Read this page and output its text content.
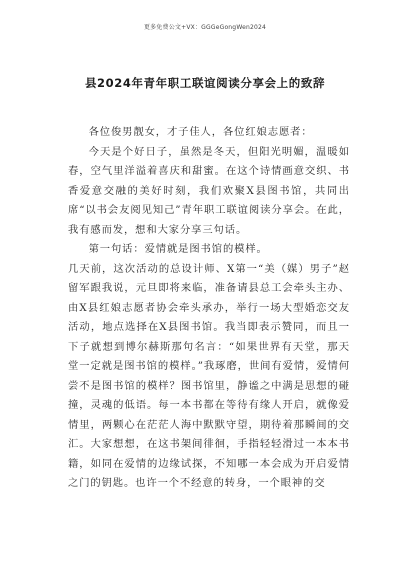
更多免费公文+VX：GGGeGongWen2024
县2024年青年职工联谊阅读分享会上的致辞

各位俊男靓女，才子佳人，各位红娘志愿者：

今天是个好日子，虽然是冬天，但阳光明媚，温暖如春，空气里洋溢着喜庆和甜蜜。在这个诗情画意交织、书香爱意交融的美好时刻，我们欢聚X县图书馆，共同出席“以书会友阅见知己”青年职工联谊阅读分享会。在此，我有感而发，想和大家分享三句话。

第一句话：爱情就是图书馆的模样。

几天前，这次活动的总设计师、X第一“美（媒）男子”赵留军跟我说，元旦即将来临，准备请县总工会牵头主办、由X县红娘志愿者协会牵头承办，举行一场大型婚恋交友活动，地点选择在X县图书馆。我当即表示赞同，而且一下子就想到博尔赫斯那句名言：“如果世界有天堂，那天堂一定就是图书馆的模样。”我琢磨，世间有爱情，爱情何尝不是图书馆的模样？图书馆里，静谧之中满是思想的碰撞，灵魂的低语。每一本书都在等待有缘人开启，就像爱情里，两颗心在茫茫人海中默默守望，期待着那瞬间的交汇。大家想想，在这书架间徘徊，手指轻轻滑过一本本书籍，如同在爱情的边缘试探，不知哪一本会成为开启爱情之门的钥匙。也许一个不经意的转身，一个眼神的交
